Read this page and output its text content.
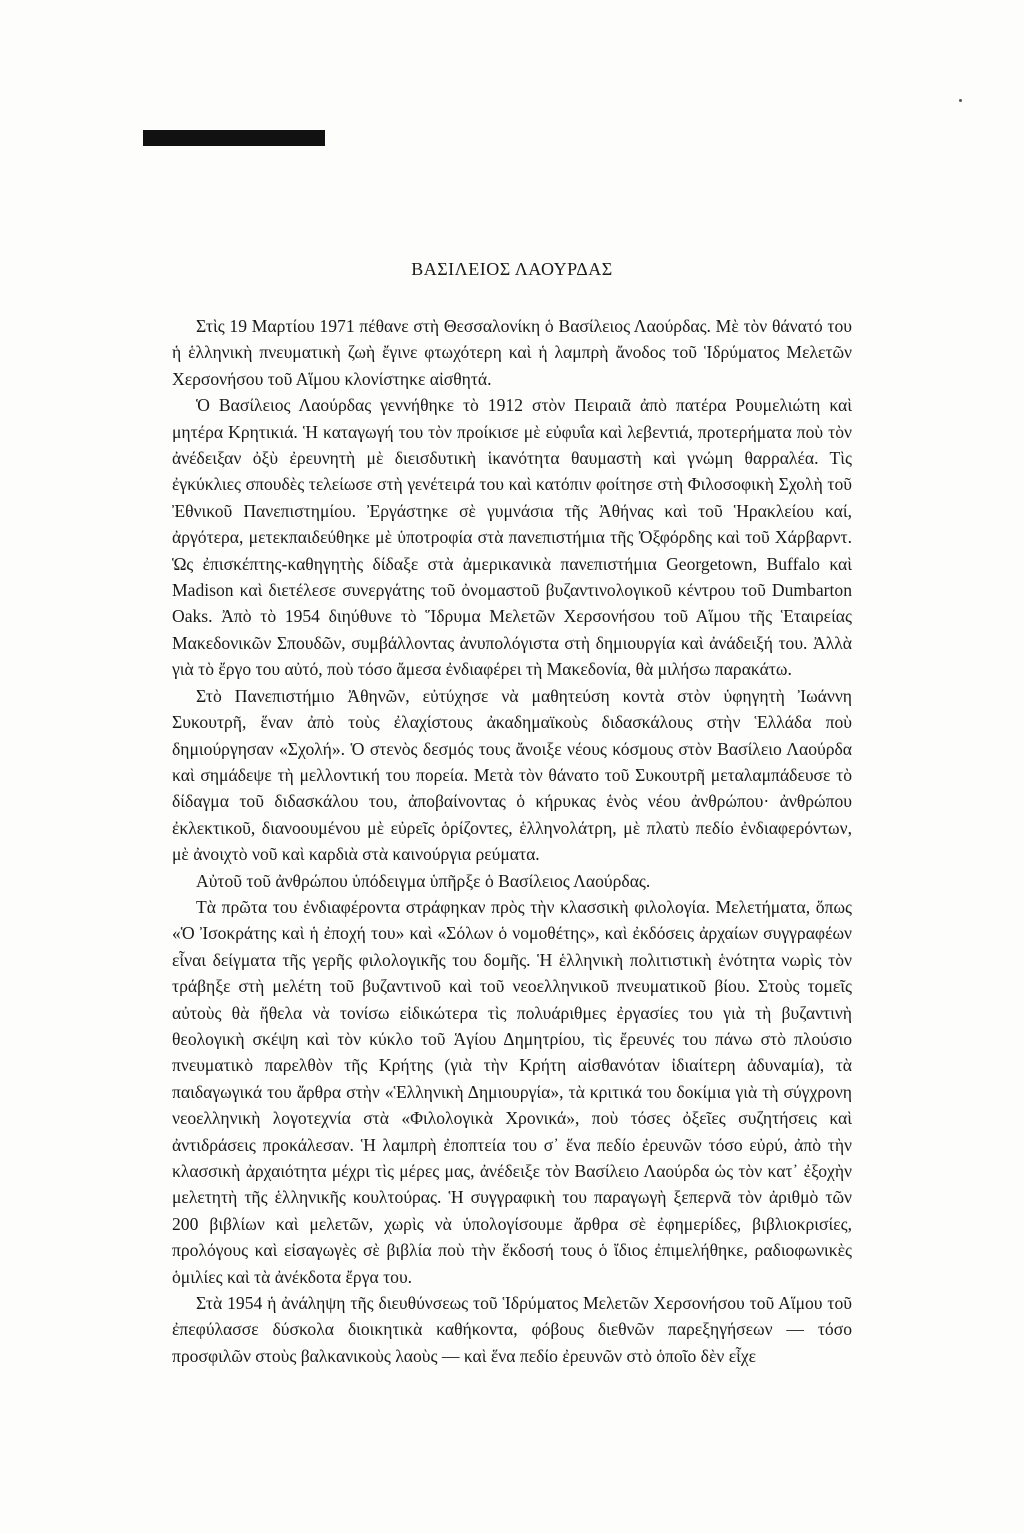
ΒΑΣΙΛΕΙΟΣ ΛΑΟΥΡΔΑΣ

Στὶς 19 Μαρτίου 1971 πέθανε στὴ Θεσσαλονίκη ὁ Βασίλειος Λαούρδας. Μὲ τὸν θάνατό του ἡ ἑλληνικὴ πνευματικὴ ζωὴ ἔγινε φτωχότερη καὶ ἡ λαμπρὴ ἄνοδος τοῦ Ἱδρύματος Μελετῶν Χερσονήσου τοῦ Αἵμου κλονίστηκε αἰσθητά.

Ὁ Βασίλειος Λαούρδας γεννήθηκε τὸ 1912 στὸν Πειραιᾶ ἀπὸ πατέρα Ρουμελιώτη καὶ μητέρα Κρητικιά. Ἡ καταγωγή του τὸν προίκισε μὲ εὐφυΐα καὶ λεβεντιά, προτερήματα ποὺ τὸν ἀνέδειξαν ὀξὺ ἐρευνητὴ μὲ διεισδυτικὴ ἱκανότητα θαυμαστὴ καὶ γνώμη θαρραλέα. Τὶς ἐγκύκλιες σπουδὲς τελείωσε στὴ γενέτειρά του καὶ κατόπιν φοίτησε στὴ Φιλοσοφικὴ Σχολὴ τοῦ Ἐθνικοῦ Πανεπιστημίου. Ἐργάστηκε σὲ γυμνάσια τῆς Ἀθήνας καὶ τοῦ Ἡρακλείου καί, ἀργότερα, μετεκπαιδεύθηκε μὲ ὑποτροφία στὰ πανεπιστήμια τῆς Ὀξφόρδης καὶ τοῦ Χάρβαρντ. Ὡς ἐπισκέπτης-καθηγητὴς δίδαξε στὰ ἀμερικανικὰ πανεπιστήμια Georgetown, Buffalo καὶ Madison καὶ διετέλεσε συνεργάτης τοῦ ὀνομαστοῦ βυζαντινολογικοῦ κέντρου τοῦ Dumbarton Oaks. Ἀπὸ τὸ 1954 διηύθυνε τὸ Ἵδρυμα Μελετῶν Χερσονήσου τοῦ Αἵμου τῆς Ἑταιρείας Μακεδονικῶν Σπουδῶν, συμβάλλοντας ἀνυπολόγιστα στὴ δημιουργία καὶ ἀνάδειξή του. Ἀλλὰ γιὰ τὸ ἔργο του αὐτό, ποὺ τόσο ἄμεσα ἐνδιαφέρει τὴ Μακεδονία, θὰ μιλήσω παρακάτω.

Στὸ Πανεπιστήμιο Ἀθηνῶν, εὐτύχησε νὰ μαθητεύση κοντὰ στὸν ὑφηγητὴ Ἰωάννη Συκουτρῆ, ἕναν ἀπὸ τοὺς ἐλαχίστους ἀκαδημαϊκοὺς διδασκάλους στὴν Ἑλλάδα ποὺ δημιούργησαν «Σχολή». Ὁ στενὸς δεσμός τους ἄνοιξε νέους κόσμους στὸν Βασίλειο Λαούρδα καὶ σημάδεψε τὴ μελλοντική του πορεία. Μετὰ τὸν θάνατο τοῦ Συκουτρῆ μεταλαμπάδευσε τὸ δίδαγμα τοῦ διδασκάλου του, ἀποβαίνοντας ὁ κήρυκας ἑνὸς νέου ἀνθρώπου· ἀνθρώπου ἐκλεκτικοῦ, διανοουμένου μὲ εὐρεῖς ὁρίζοντες, ἑλληνολάτρη, μὲ πλατὺ πεδίο ἐνδιαφερόντων, μὲ ἀνοιχτὸ νοῦ καὶ καρδιὰ στὰ καινούργια ρεύματα.

Αὐτοῦ τοῦ ἀνθρώπου ὑπόδειγμα ὑπῆρξε ὁ Βασίλειος Λαούρδας.

Τὰ πρῶτα του ἐνδιαφέροντα στράφηκαν πρὸς τὴν κλασσικὴ φιλολογία. Μελετήματα, ὅπως «Ὁ Ἰσοκράτης καὶ ἡ ἐποχή του» καὶ «Σόλων ὁ νομοθέτης», καὶ ἐκδόσεις ἀρχαίων συγγραφέων εἶναι δείγματα τῆς γερῆς φιλολογικῆς του δομῆς. Ἡ ἑλληνικὴ πολιτιστικὴ ἑνότητα νωρὶς τὸν τράβηξε στὴ μελέτη τοῦ βυζαντινοῦ καὶ τοῦ νεοελληνικοῦ πνευματικοῦ βίου. Στοὺς τομεῖς αὐτοὺς θὰ ἤθελα νὰ τονίσω εἰδικώτερα τὶς πολυάριθμες ἐργασίες του γιὰ τὴ βυζαντινὴ θεολογικὴ σκέψη καὶ τὸν κύκλο τοῦ Ἁγίου Δημητρίου, τὶς ἔρευνές του πάνω στὸ πλούσιο πνευματικὸ παρελθὸν τῆς Κρήτης (γιὰ τὴν Κρήτη αἰσθανόταν ἰδιαίτερη ἀδυναμία), τὰ παιδαγωγικά του ἄρθρα στὴν «Ἑλληνικὴ Δημιουργία», τὰ κριτικά του δοκίμια γιὰ τὴ σύγχρονη νεοελληνικὴ λογοτεχνία στὰ «Φιλολογικὰ Χρονικά», ποὺ τόσες ὀξεῖες συζητήσεις καὶ ἀντιδράσεις προκάλεσαν. Ἡ λαμπρὴ ἐποπτεία του σ᾽ ἕνα πεδίο ἐρευνῶν τόσο εὐρύ, ἀπὸ τὴν κλασσικὴ ἀρχαιότητα μέχρι τὶς μέρες μας, ἀνέδειξε τὸν Βασίλειο Λαούρδα ὡς τὸν κατ᾽ ἐξοχὴν μελετητὴ τῆς ἑλληνικῆς κουλτούρας. Ἡ συγγραφικὴ του παραγωγὴ ξεπερνᾶ τὸν ἀριθμὸ τῶν 200 βιβλίων καὶ μελετῶν, χωρὶς νὰ ὑπολογίσουμε ἄρθρα σὲ ἐφημερίδες, βιβλιοκρισίες, προλόγους καὶ εἰσαγωγὲς σὲ βιβλία ποὺ τὴν ἔκδοσή τους ὁ ἴδιος ἐπιμελήθηκε, ραδιοφωνικὲς ὁμιλίες καὶ τὰ ἀνέκδοτα ἔργα του.

Στὰ 1954 ἡ ἀνάληψη τῆς διευθύνσεως τοῦ Ἱδρύματος Μελετῶν Χερσονήσου τοῦ Αἵμου τοῦ ἐπεφύλασσε δύσκολα διοικητικὰ καθήκοντα, φόβους διεθνῶν παρεξηγήσεων — τόσο προσφιλῶν στοὺς βαλκανικοὺς λαοὺς — καὶ ἕνα πεδίο ἐρευνῶν στὸ ὁποῖο δὲν εἶχε
